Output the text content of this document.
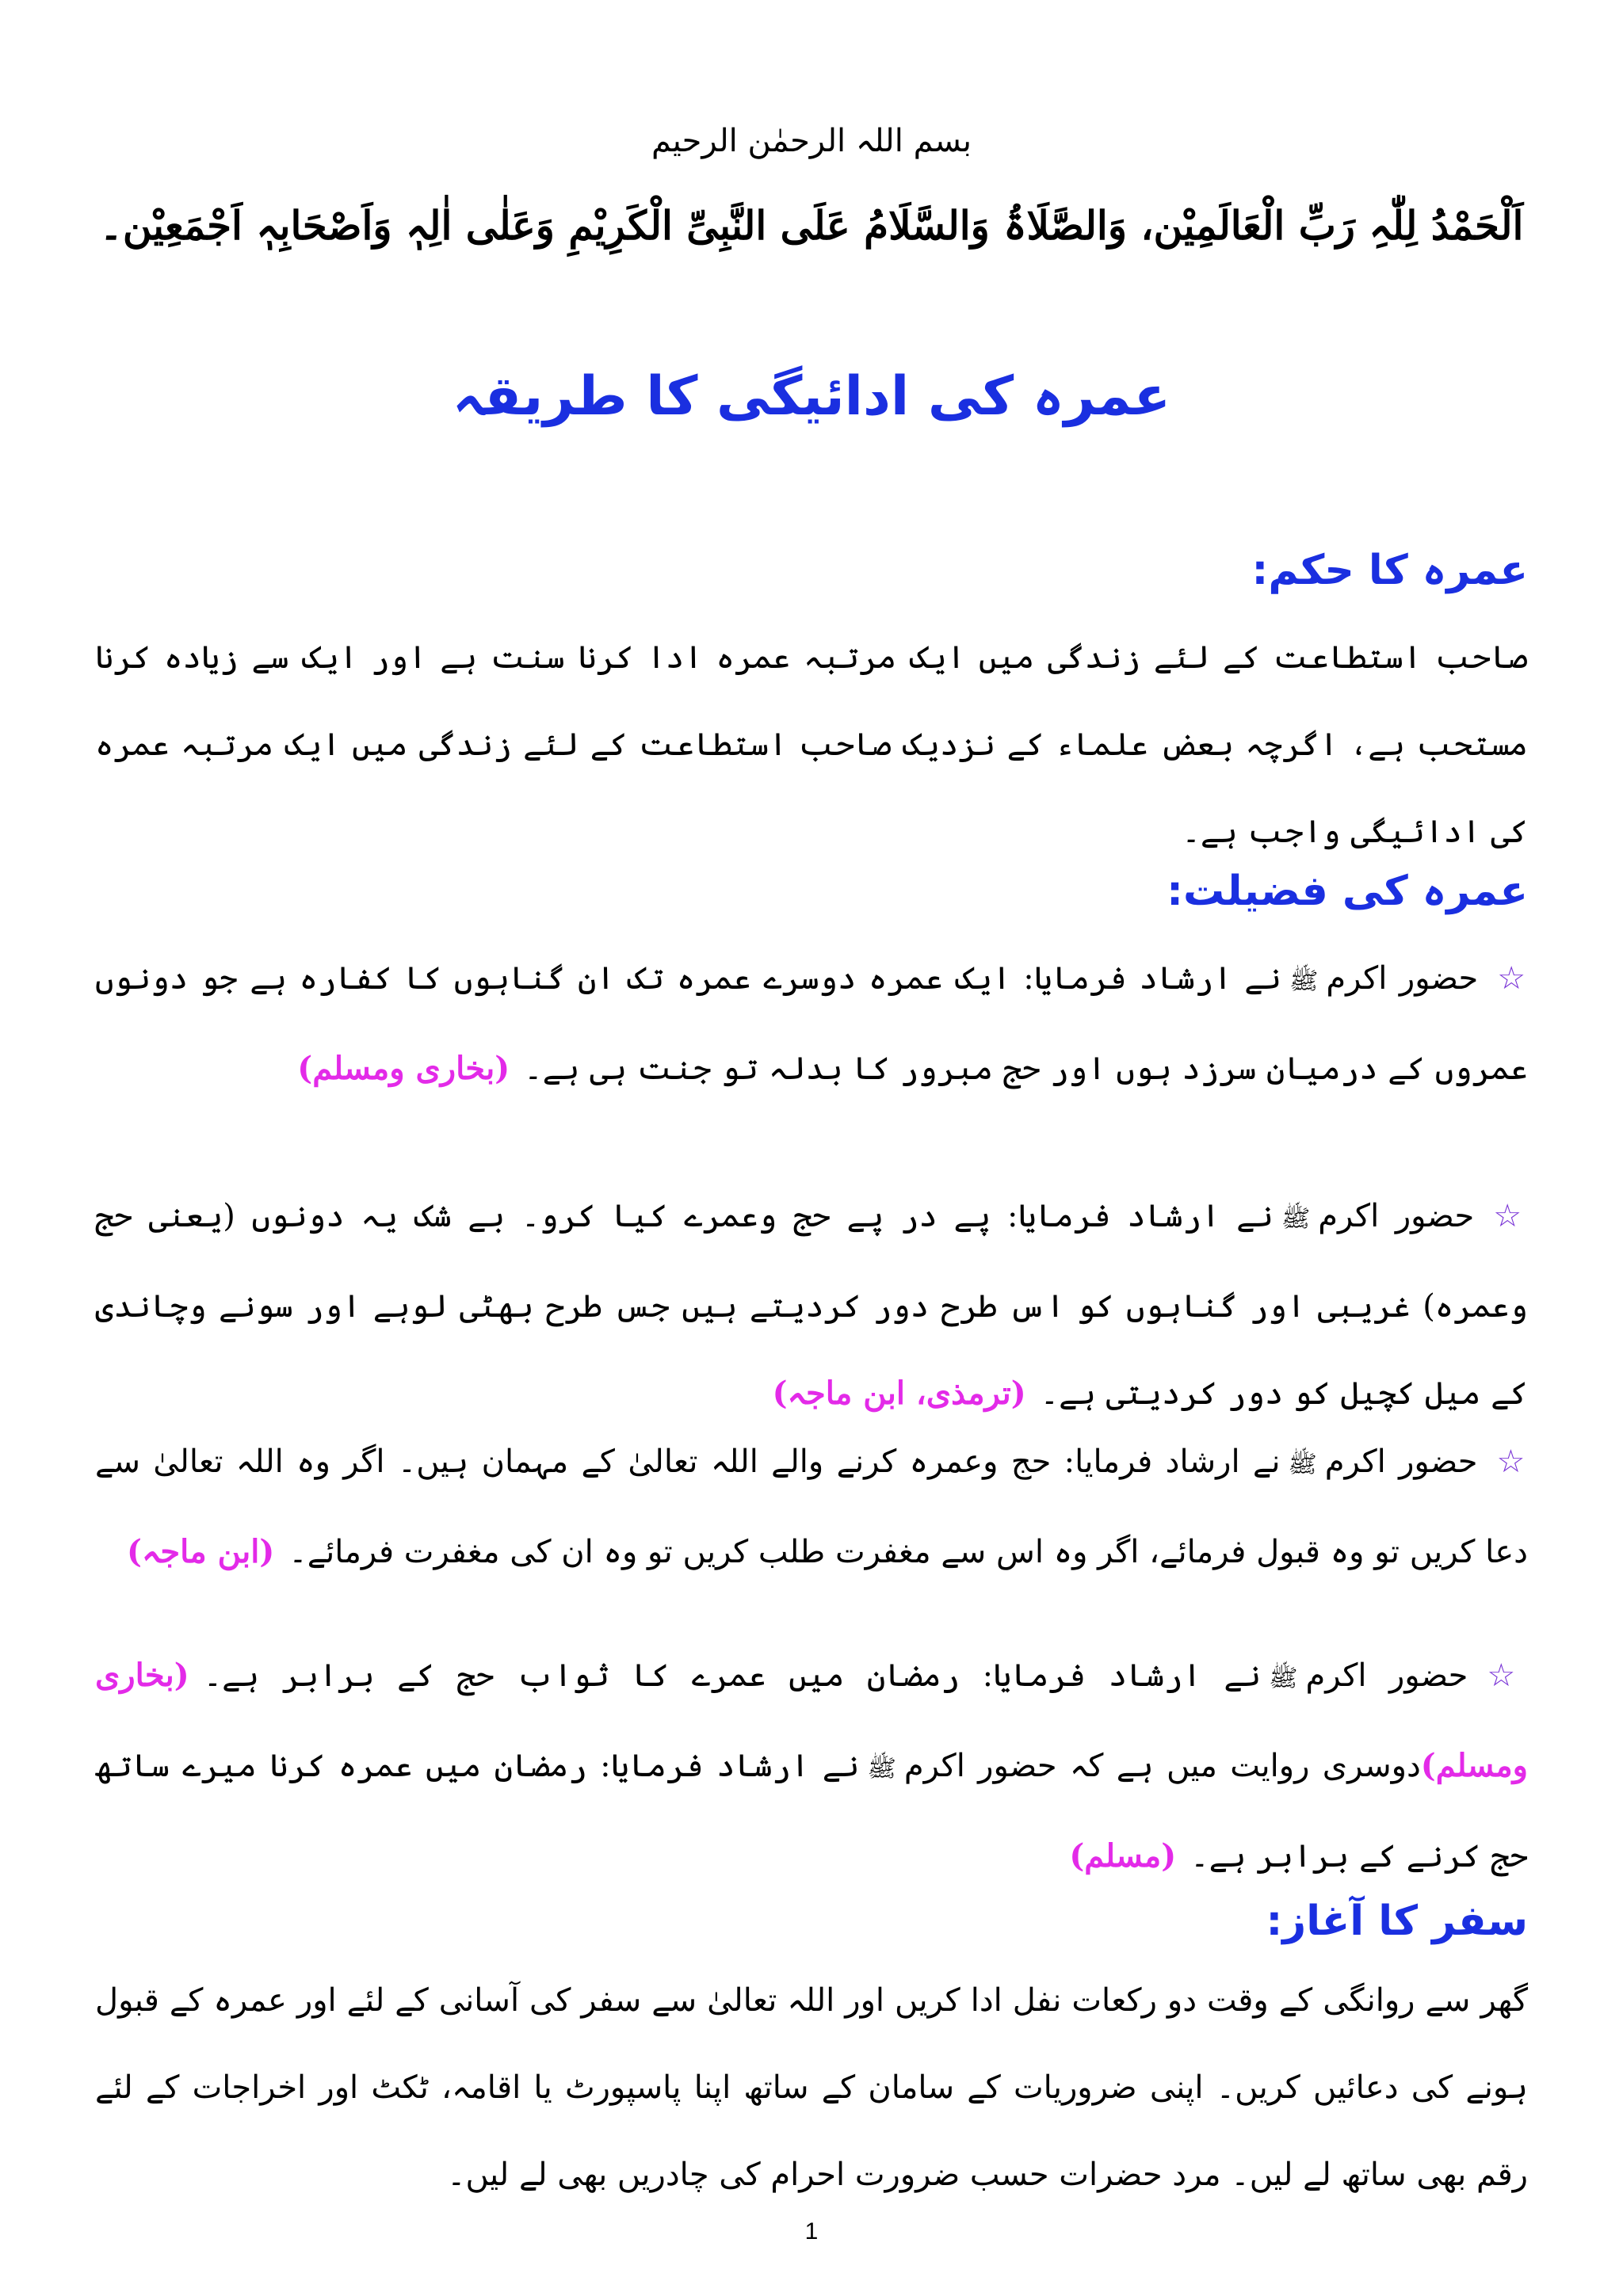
بسم اللہ الرحمٰن الرحیم
اَلْحَمْدُ لِلّٰہِ رَبِّ الْعَالَمِیْن، وَالصَّلَاۃُ وَالسَّلَامُ عَلَی النَّبِیِّ الْکَرِیْمِ وَعَلٰی اٰلِہٖ وَاَصْحَابِہٖ اَجْمَعِیْن۔
عمرہ کی ادائیگی کا طریقہ
عمرہ کا حکم:
صاحب استطاعت کے لئے زندگی میں ایک مرتبہ عمرہ ادا کرنا سنت ہے اور ایک سے زیادہ کرنا مستحب ہے، اگرچہ بعض علماء کے نزدیک صاحب استطاعت کے لئے زندگی میں ایک مرتبہ عمرہ کی ادائیگی واجب ہے۔
عمرہ کی فضیلت:
☆حضور اکرمﷺنے ارشاد فرمایا: ایک عمرہ دوسرے عمرہ تک ان گناہوں کا کفارہ ہے جو دونوں عمروں کے درمیان سرزد ہوں اور حج مبرور کا بدلہ تو جنت ہی ہے۔(بخاری ومسلم)
☆حضور اکرمﷺنے ارشاد فرمایا: پے در پے حج وعمرے کیا کرو۔ بے شک یہ دونوں (یعنی حج وعمرہ) غریبی اور گناہوں کو اس طرح دور کردیتے ہیں جس طرح بھٹی لوہے اور سونے وچاندی کے میل کچیل کو دور کردیتی ہے۔(ترمذی، ابن ماجہ)
☆حضور اکرمﷺنے ارشاد فرمایا: حج وعمرہ کرنے والے اللہ تعالیٰ کے مہمان ہیں۔ اگر وہ اللہ تعالیٰ سے دعا کریں تو وہ قبول فرمائے، اگر وہ اس سے مغفرت طلب کریں تو وہ ان کی مغفرت فرمائے۔(ابن ماجہ)
☆حضور اکرمﷺنے ارشاد فرمایا: رمضان میں عمرے کا ثواب حج کے برابر ہے۔(بخاری ومسلم)دوسری روایت میں ہے کہ حضور اکرمﷺنے ارشاد فرمایا: رمضان میں عمرہ کرنا میرے ساتھ حج کرنے کے برابر ہے۔(مسلم)
سفر کا آغاز:
گھر سے روانگی کے وقت دو رکعات نفل ادا کریں اور اللہ تعالیٰ سے سفر کی آسانی کے لئے اور عمرہ کے قبول ہونے کی دعائیں کریں۔ اپنی ضروریات کے سامان کے ساتھ اپنا پاسپورٹ یا اقامہ، ٹکٹ اور اخراجات کے لئے رقم بھی ساتھ لے لیں۔ مرد حضرات حسب ضرورت احرام کی چادریں بھی لے لیں۔
1
